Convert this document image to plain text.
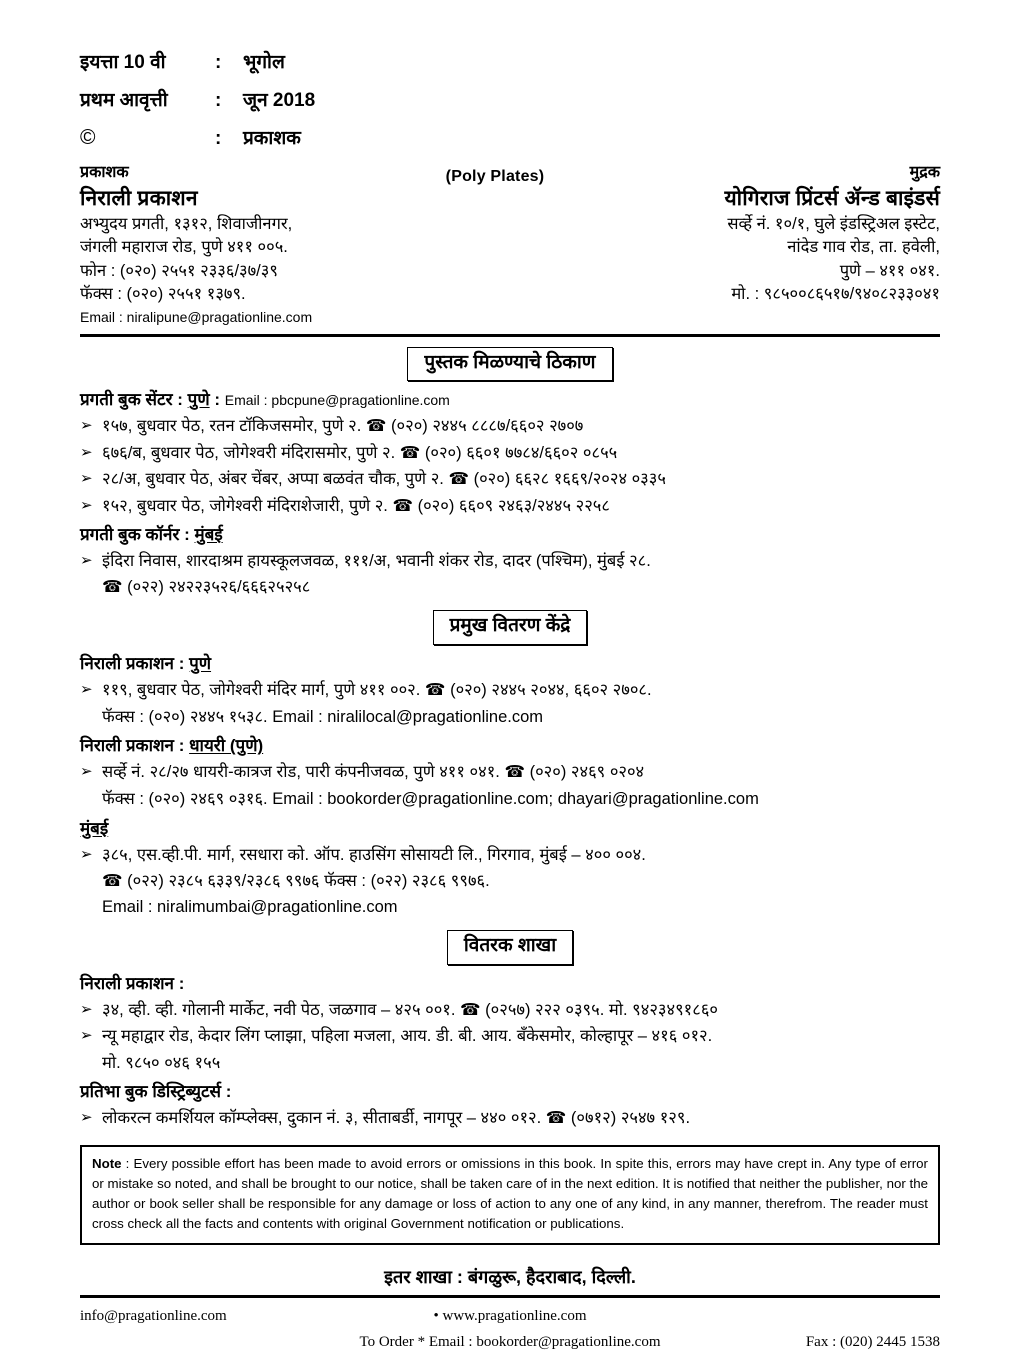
इयत्ता 10 वी	:	भूगोल
प्रथम आवृत्ती	:	जून 2018
©	:	प्रकाशक
प्रकाशक
निराली प्रकाशन
अभ्युदय प्रगती, १३१२, शिवाजीनगर,
जंगली महाराज रोड, पुणे ४११ ००५.
फोन : (०२०) २५५१ २३३६/३७/३९
फॅक्स : (०२०) २५५१ १३७९.
Email : niralipune@pragationline.com
(Poly Plates)	मुद्रक
योगिराज प्रिंटर्स ॲन्ड बाइंडर्स
सर्व्हे नं. १०/१, घुले इंडस्ट्रिअल इस्टेट,
नांदेड गाव रोड, ता. हवेली,
पुणे – ४११ ०४१.
मो. : ९८५००८६५१७/९४०८२३३०४१
पुस्तक मिळण्याचे ठिकाण
प्रगती बुक सेंटर : पुणे : Email : pbcpune@pragationline.com
➢ १५७, बुधवार पेठ, रतन टॉकिजसमोर, पुणे २. ☎ (०२०) २४४५ ८८८७/६६०२ २७०७
➢ ६७६/ब, बुधवार पेठ, जोगेश्वरी मंदिरासमोर, पुणे २. ☎ (०२०) ६६०१ ७७८४/६६०२ ०८५५
➢ २८/अ, बुधवार पेठ, अंबर चेंबर, अप्पा बळवंत चौक, पुणे २. ☎ (०२०) ६६२८ १६६९/२०२४ ०३३५
➢ १५२, बुधवार पेठ, जोगेश्वरी मंदिराशेजारी, पुणे २. ☎ (०२०) ६६०९ २४६३/२४४५ २२५८
प्रगती बुक कॉर्नर : मुंबई
➢ इंदिरा निवास, शारदाश्रम हायस्कूलजवळ, १११/अ, भवानी शंकर रोड, दादर (पश्चिम), मुंबई २८.
☎ (०२२) २४२२३५२६/६६६२५२५८
प्रमुख वितरण केंद्रे
निराली प्रकाशन : पुणे
➢ ११९, बुधवार पेठ, जोगेश्वरी मंदिर मार्ग, पुणे ४११ ००२. ☎ (०२०) २४४५ २०४४, ६६०२ २७०८.
फॅक्स : (०२०) २४४५ १५३८. Email : niralilocal@pragationline.com
निराली प्रकाशन : धायरी (पुणे)
➢ सर्व्हे नं. २८/२७ धायरी-कात्रज रोड, पारी कंपनीजवळ, पुणे ४११ ०४१. ☎ (०२०) २४६९ ०२०४
फॅक्स : (०२०) २४६९ ०३१६. Email : bookorder@pragationline.com; dhayari@pragationline.com
मुंबई
➢ ३८५, एस.व्ही.पी. मार्ग, रसधारा को. ऑप. हाउसिंग सोसायटी लि., गिरगाव, मुंबई – ४०० ००४.
☎ (०२२) २३८५ ६३३९/२३८६ ९९७६ फॅक्स : (०२२) २३८६ ९९७६.
Email : niralimumbai@pragationline.com
वितरक शाखा
निराली प्रकाशन :
➢ ३४, व्ही. व्ही. गोलानी मार्केट, नवी पेठ, जळगाव – ४२५ ००१. ☎ (०२५७) २२२ ०३९५. मो. ९४२३४९१८६०
➢ न्यू महाद्वार रोड, केदार लिंग प्लाझा, पहिला मजला, आय. डी. बी. आय. बँकेसमोर, कोल्हापूर – ४१६ ०१२.
मो. ९८५० ०४६ १५५
प्रतिभा बुक डिस्ट्रिब्युटर्स :
➢ लोकरत्न कमर्शियल कॉम्प्लेक्स, दुकान नं. ३, सीताबर्डी, नागपूर – ४४० ०१२. ☎ (०७१२) २५४७ १२९.
Note : Every possible effort has been made to avoid errors or omissions in this book. In spite this, errors may have crept in. Any type of error or mistake so noted, and shall be brought to our notice, shall be taken care of in the next edition. It is notified that neither the publisher, nor the author or book seller shall be responsible for any damage or loss of action to any one of any kind, in any manner, therefrom. The reader must cross check all the facts and contents with original Government notification or publications.
इतर शाखा : बंगळुरू, हैदराबाद, दिल्ली.
info@pragationline.com	• www.pragationline.com
To Order * Email : bookorder@pragationline.com	Fax : (020) 2445 1538
